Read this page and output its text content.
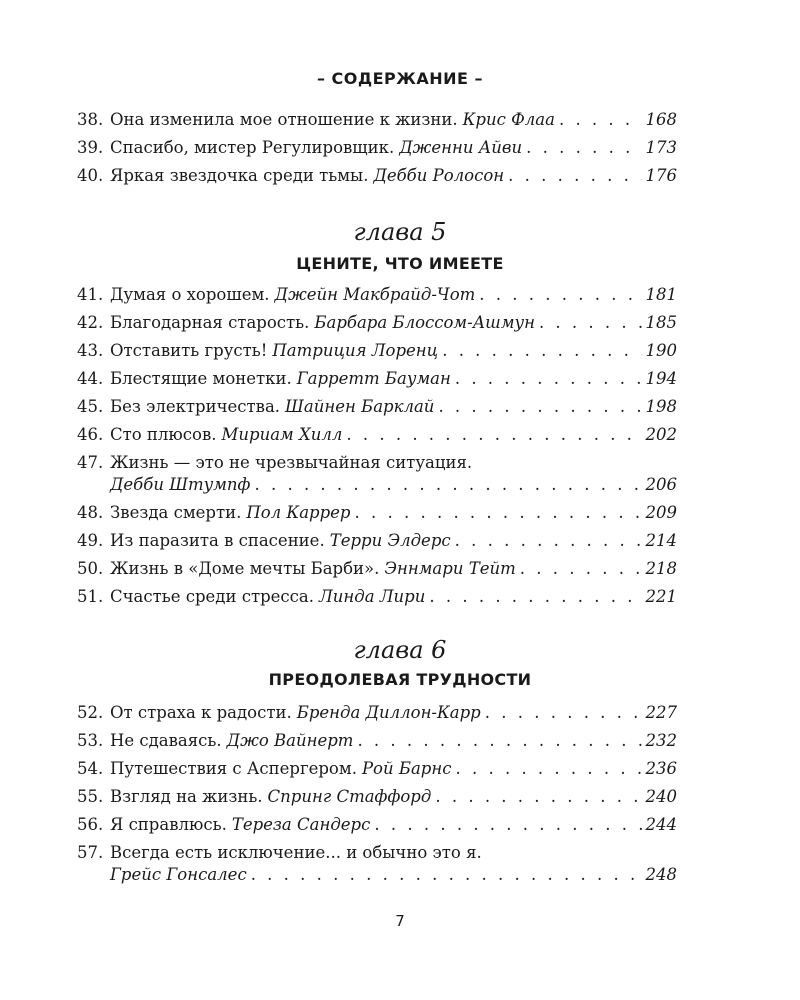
– СОДЕРЖАНИЕ –
38. Она изменила мое отношение к жизни. Крис Флаа . . .	168
39. Спасибо, мистер Регулировщик. Дженни Айви . . .	173
40. Яркая звездочка среди тьмы. Дебби Ролосон . . .	176
глава 5
ЦЕНИТЕ, ЧТО ИМЕЕТЕ
41. Думая о хорошем. Джейн Макбрайд-Чот . . .	181
42. Благодарная старость. Барбара Блоссом-Ашмун . . .	185
43. Отставить грусть! Патриция Лоренц . . .	190
44. Блестящие монетки. Гарретт Бауман . . .	194
45. Без электричества. Шайнен Барклай . . .	198
46. Сто плюсов. Мириам Хилл . . .	202
47. Жизнь — это не чрезвычайная ситуация.
Дебби Штумпф . . .	206
48. Звезда смерти. Пол Каррер . . .	209
49. Из паразита в спасение. Терри Элдерс . . .	214
50. Жизнь в «Доме мечты Барби». Эннмари Тейт . . .	218
51. Счастье среди стресса. Линда Лири . . .	221
глава 6
ПРЕОДОЛЕВАЯ ТРУДНОСТИ
52. От страха к радости. Бренда Диллон-Карр . . .	227
53. Не сдаваясь. Джо Вайнерт . . .	232
54. Путешествия с Аспергером. Рой Барнс . . .	236
55. Взгляд на жизнь. Спринг Стаффорд . . .	240
56. Я справлюсь. Тереза Сандерс . . .	244
57. Всегда есть исключение... и обычно это я.
Грейс Гонсалес . . .	248
7
